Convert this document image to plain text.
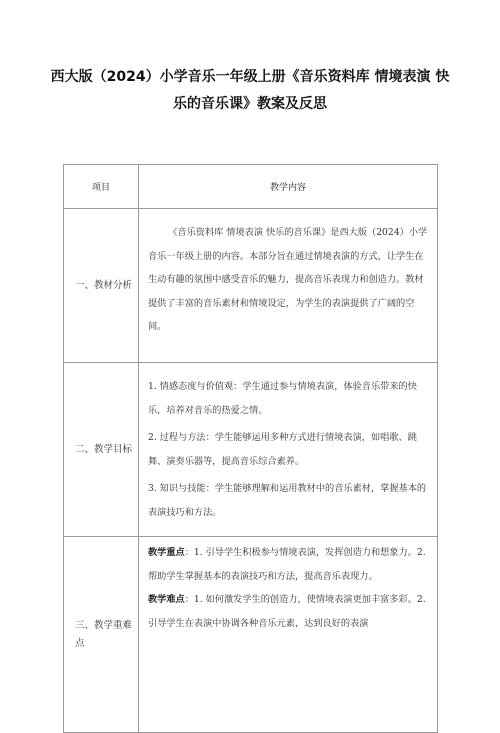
西大版（2024）小学音乐一年级上册《音乐资料库 情境表演 快乐的音乐课》教案及反思
项目	教学内容
一、教材分析	《音乐资料库 情境表演 快乐的音乐课》是西大版（2024）小学音乐一年级上册的内容。本部分旨在通过情境表演的方式，让学生在生动有趣的氛围中感受音乐的魅力，提高音乐表现力和创造力。教材提供了丰富的音乐素材和情境设定，为学生的表演提供了广阔的空间。

二、教学目标	1. 情感态度与价值观：学生通过参与情境表演，体验音乐带来的快乐，培养对音乐的热爱之情。

2. 过程与方法：学生能够运用多种方式进行情境表演，如唱歌、跳舞、演奏乐器等，提高音乐综合素养。

3. 知识与技能：学生能够理解和运用教材中的音乐素材，掌握基本的表演技巧和方法。

三、教学重难点	教学重点：1. 引导学生积极参与情境表演，发挥创造力和想象力。2. 帮助学生掌握基本的表演技巧和方法，提高音乐表现力。

教学难点：1. 如何激发学生的创造力，使情境表演更加丰富多彩。2. 引导学生在表演中协调各种音乐元素，达到良好的表演
